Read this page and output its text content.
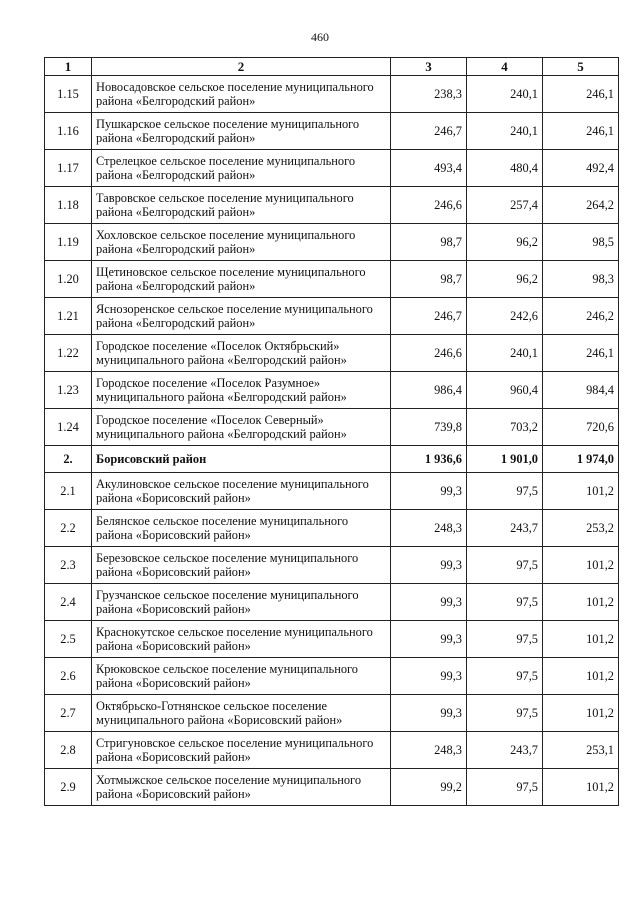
460
1	2	3	4	5
1.15	Новосадовское сельское поселение муниципального района «Белгородский район»	238,3	240,1	246,1
1.16	Пушкарское сельское поселение муниципального района «Белгородский район»	246,7	240,1	246,1
1.17	Стрелецкое сельское поселение муниципального района «Белгородский район»	493,4	480,4	492,4
1.18	Тавровское сельское поселение муниципального района «Белгородский район»	246,6	257,4	264,2
1.19	Хохловское сельское поселение муниципального района «Белгородский район»	98,7	96,2	98,5
1.20	Щетиновское сельское поселение муниципального района «Белгородский район»	98,7	96,2	98,3
1.21	Яснозоренское сельское поселение муниципального района «Белгородский район»	246,7	242,6	246,2
1.22	Городское поселение «Поселок Октябрьский» муниципального района «Белгородский район»	246,6	240,1	246,1
1.23	Городское поселение «Поселок Разумное» муниципального района «Белгородский район»	986,4	960,4	984,4
1.24	Городское поселение «Поселок Северный» муниципального района «Белгородский район»	739,8	703,2	720,6
2.	Борисовский район	1 936,6	1 901,0	1 974,0
2.1	Акулиновское сельское поселение муниципального района «Борисовский район»	99,3	97,5	101,2
2.2	Белянское сельское поселение муниципального района «Борисовский район»	248,3	243,7	253,2
2.3	Березовское сельское поселение муниципального района «Борисовский район»	99,3	97,5	101,2
2.4	Грузчанское сельское поселение муниципального района «Борисовский район»	99,3	97,5	101,2
2.5	Краснокутское сельское поселение муниципального района «Борисовский район»	99,3	97,5	101,2
2.6	Крюковское сельское поселение муниципального района «Борисовский район»	99,3	97,5	101,2
2.7	Октябрьско-Готнянское сельское поселение муниципального района «Борисовский район»	99,3	97,5	101,2
2.8	Стригуновское сельское поселение муниципального района «Борисовский район»	248,3	243,7	253,1
2.9	Хотмыжское сельское поселение муниципального района «Борисовский район»	99,2	97,5	101,2
